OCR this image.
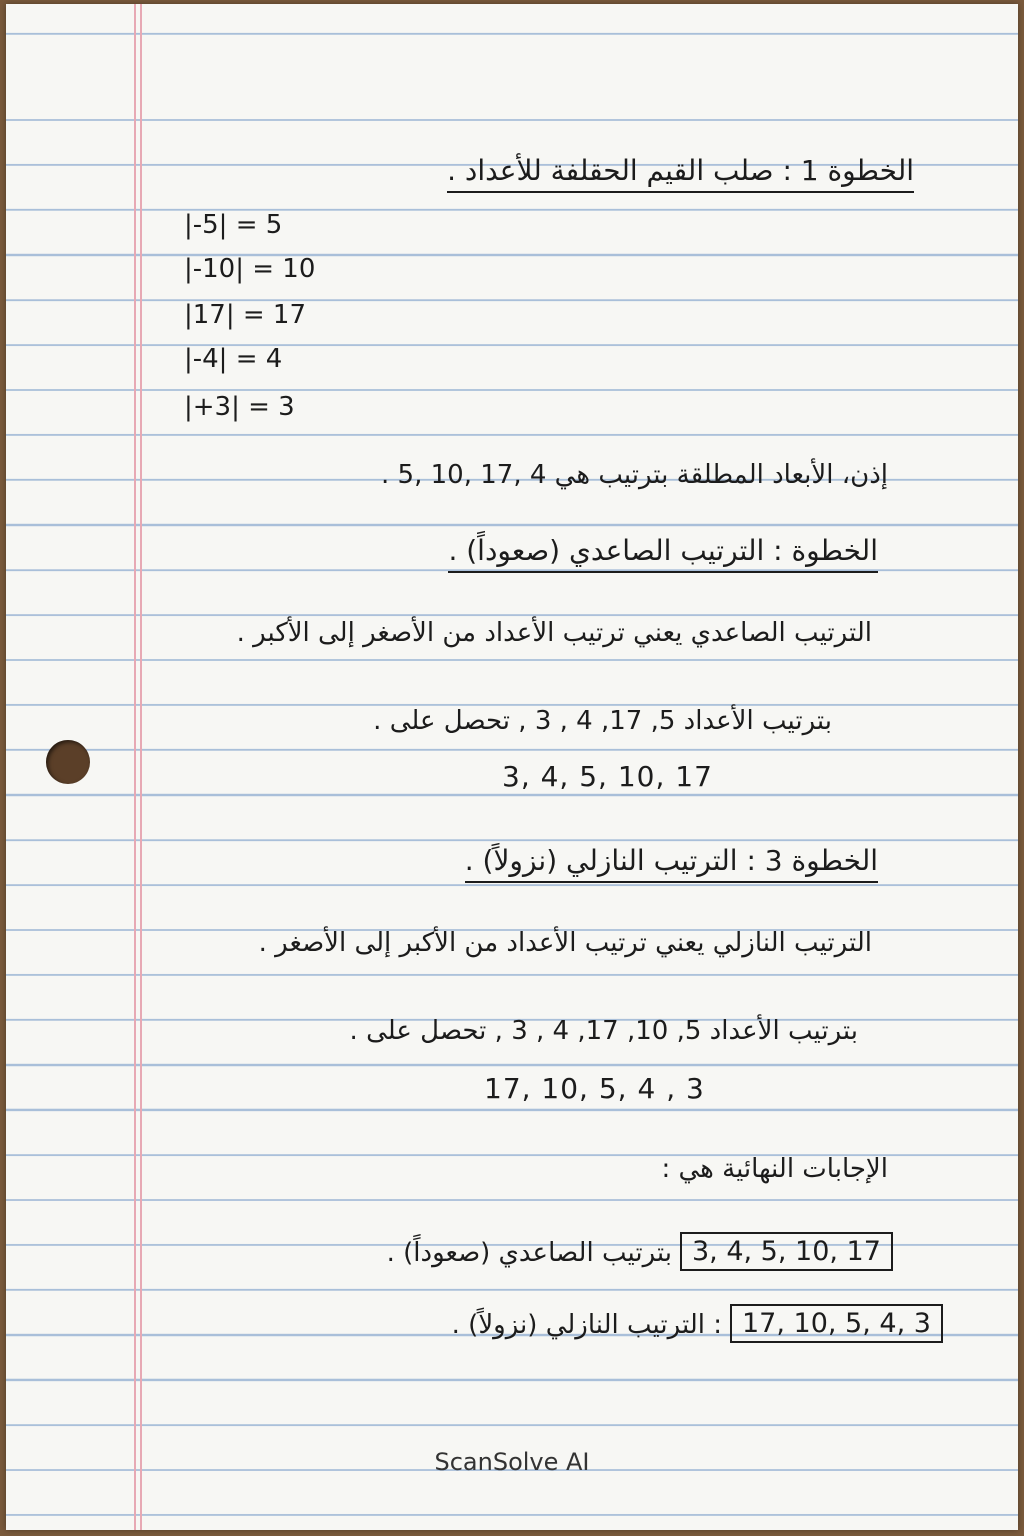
الخطوة 1 : صلب القيم الحقلفة للأعداد .
|-5| = 5
|-10| = 10
|17| = 17
|-4| = 4
|+3| = 3
إذن، الأبعاد المطلقة بترتيب هي 4 ,17 ,10 ,5 .
الخطوة : الترتيب الصاعدي (صعوداً) .
الترتيب الصاعدي يعني ترتيب الأعداد من الأصغر إلى الأكبر .
بترتيب الأعداد 5, 17, 4 , 3 , تحصل على .
3, 4, 5, 10, 17
الخطوة 3 : الترتيب النازلي (نزولاً) .
الترتيب النازلي يعني ترتيب الأعداد من الأكبر إلى الأصغر .
بترتيب الأعداد 5, 10, 17, 4 , 3 , تحصل على .
17, 10, 5, 4 , 3
الإجابات النهائية هي :
3, 4, 5, 10, 17
بترتيب الصاعدي (صعوداً) .
17, 10, 5, 4, 3
: الترتيب النازلي (نزولاً) .
ScanSolve AI
